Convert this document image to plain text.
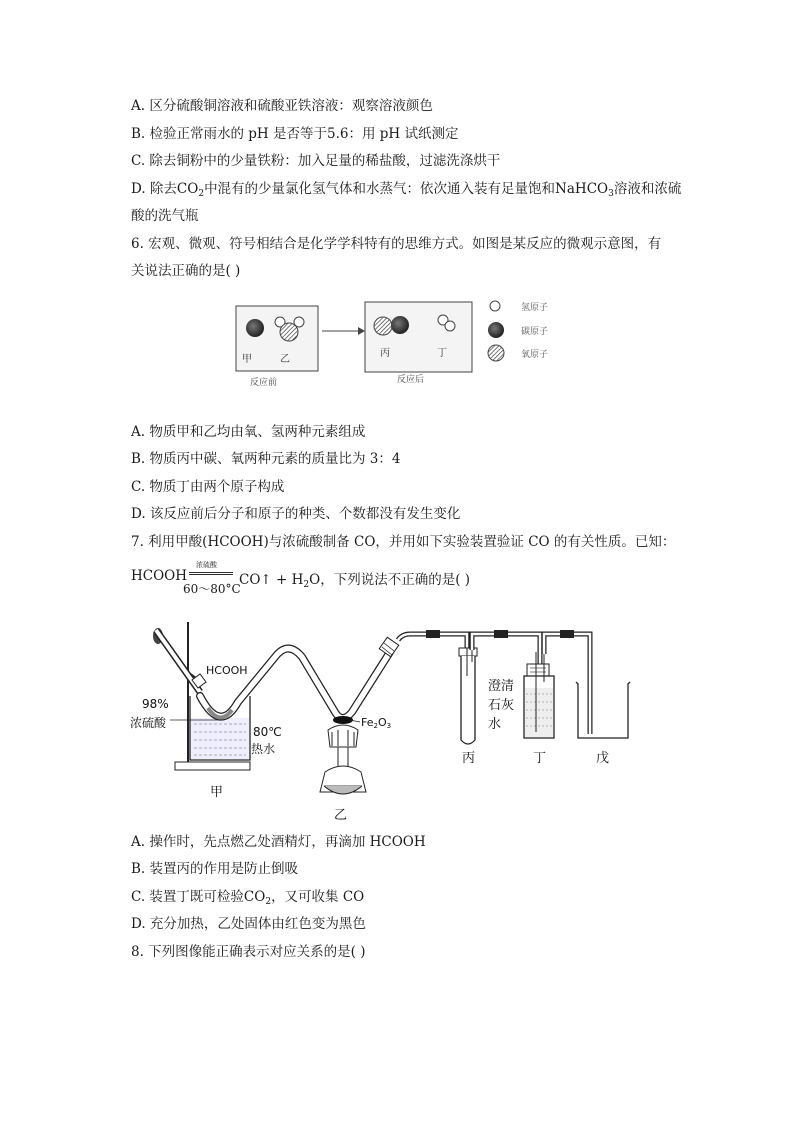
A. 区分硫酸铜溶液和硫酸亚铁溶液：观察溶液颜色
B. 检验正常雨水的 pH 是否等于5.6：用 pH 试纸测定
C. 除去铜粉中的少量铁粉：加入足量的稀盐酸，过滤洗涤烘干
D. 除去$CO_2$中混有的少量氯化氢气体和水蒸气：依次通入装有足量饱和NaHCO$_3$溶液和浓硫
酸的洗气瓶
6. 宏观、微观、符号相结合是化学学科特有的思维方式。如图是某反应的微观示意图，有
关说法正确的是( )
甲	乙
反应前
丙	丁
反应后
氢原子
碳原子
氧原子
A. 物质甲和乙均由氧、氢两种元素组成
B. 物质丙中碳、氧两种元素的质量比为 3：4
C. 物质丁由两个原子构成
D. 该反应前后分子和原子的种类、个数都没有发生变化
7. 利用甲酸(HCOOH)与浓硫酸制备 CO，并用如下实验装置验证 CO 的有关性质。已知：
HCOOH
浓硫酸
60～80°C
CO↑ + $H_2O$，下列说法不正确的是( )
HCOOH
98%
浓硫酸
80℃
热水
Fe2O3
澄清
石灰
水
甲
乙
丙	丁	戊
A. 操作时，先点燃乙处酒精灯，再滴加 HCOOH
B. 装置丙的作用是防止倒吸
C. 装置丁既可检验$CO_2$，又可收集 CO
D. 充分加热，乙处固体由红色变为黑色
8. 下列图像能正确表示对应关系的是( )
